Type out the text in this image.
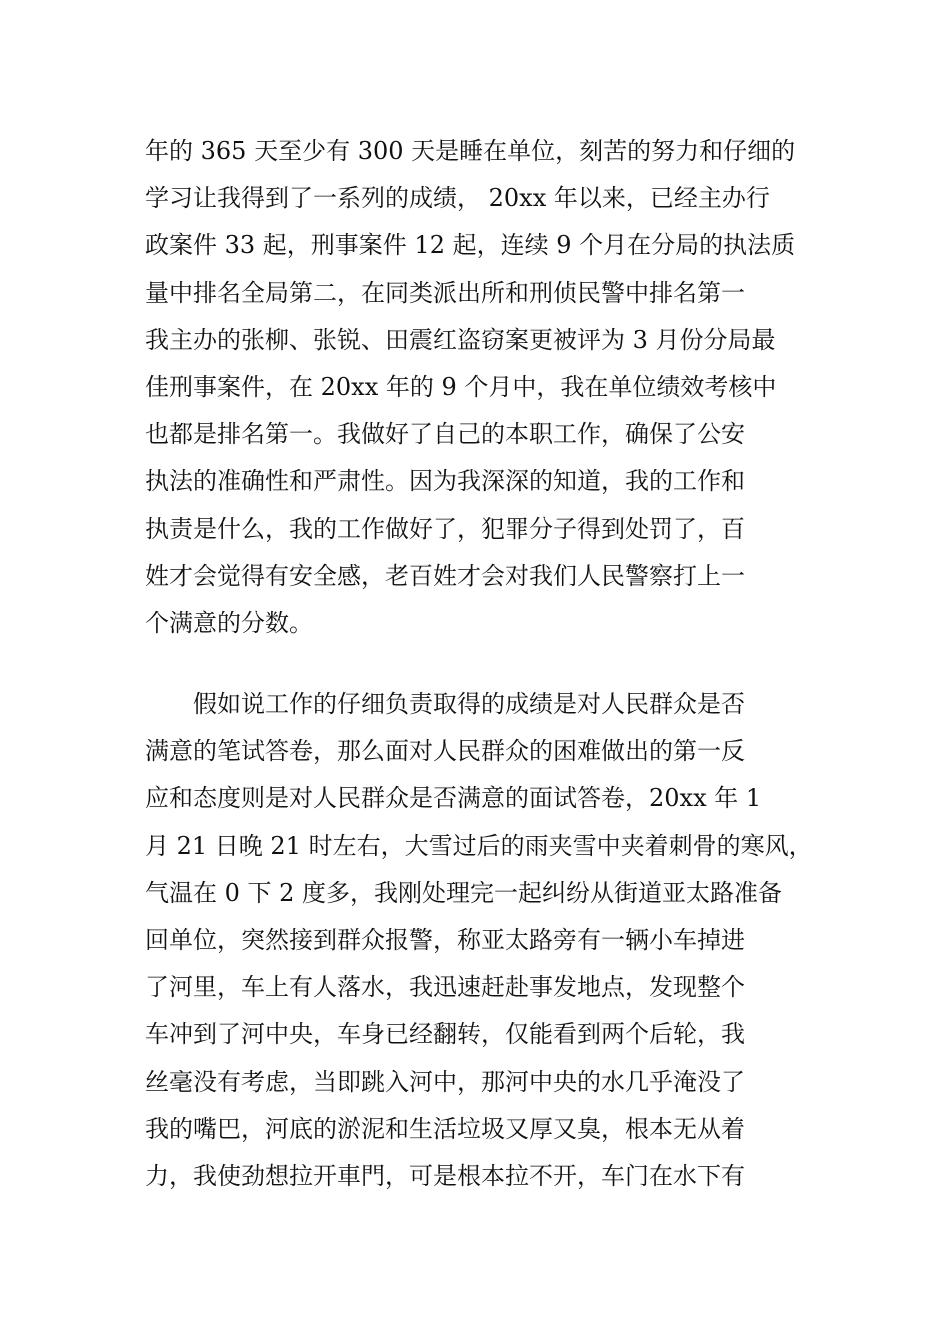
年的 365 天至少有 300 天是睡在单位，刻苦的努力和仔细的
学习让我得到了一系列的成绩， 20xx 年以来，已经主办行
政案件 33 起，刑事案件 12 起，连续 9 个月在分局的执法质
量中排名全局第二，在同类派出所和刑侦民警中排名第一
我主办的张柳、张锐、田震红盗窃案更被评为 3 月份分局最
佳刑事案件，在 20xx 年的 9 个月中，我在单位绩效考核中
也都是排名第一。我做好了自己的本职工作，确保了公安
执法的准确性和严肃性。因为我深深的知道，我的工作和
执责是什么，我的工作做好了，犯罪分子得到处罚了，百
姓才会觉得有安全感，老百姓才会对我们人民警察打上一
个满意的分数。
假如说工作的仔细负责取得的成绩是对人民群众是否
满意的笔试答卷，那么面对人民群众的困难做出的第一反
应和态度则是对人民群众是否满意的面试答卷，20xx 年 1
月 21 日晚 21 时左右，大雪过后的雨夹雪中夹着刺骨的寒风，
气温在 0 下 2 度多，我刚处理完一起纠纷从街道亚太路准备
回单位，突然接到群众报警，称亚太路旁有一辆小车掉进
了河里，车上有人落水，我迅速赶赴事发地点，发现整个
车冲到了河中央，车身已经翻转，仅能看到两个后轮，我
丝毫没有考虑，当即跳入河中，那河中央的水几乎淹没了
我的嘴巴，河底的淤泥和生活垃圾又厚又臭，根本无从着
力，我使劲想拉开車門，可是根本拉不开，车门在水下有
